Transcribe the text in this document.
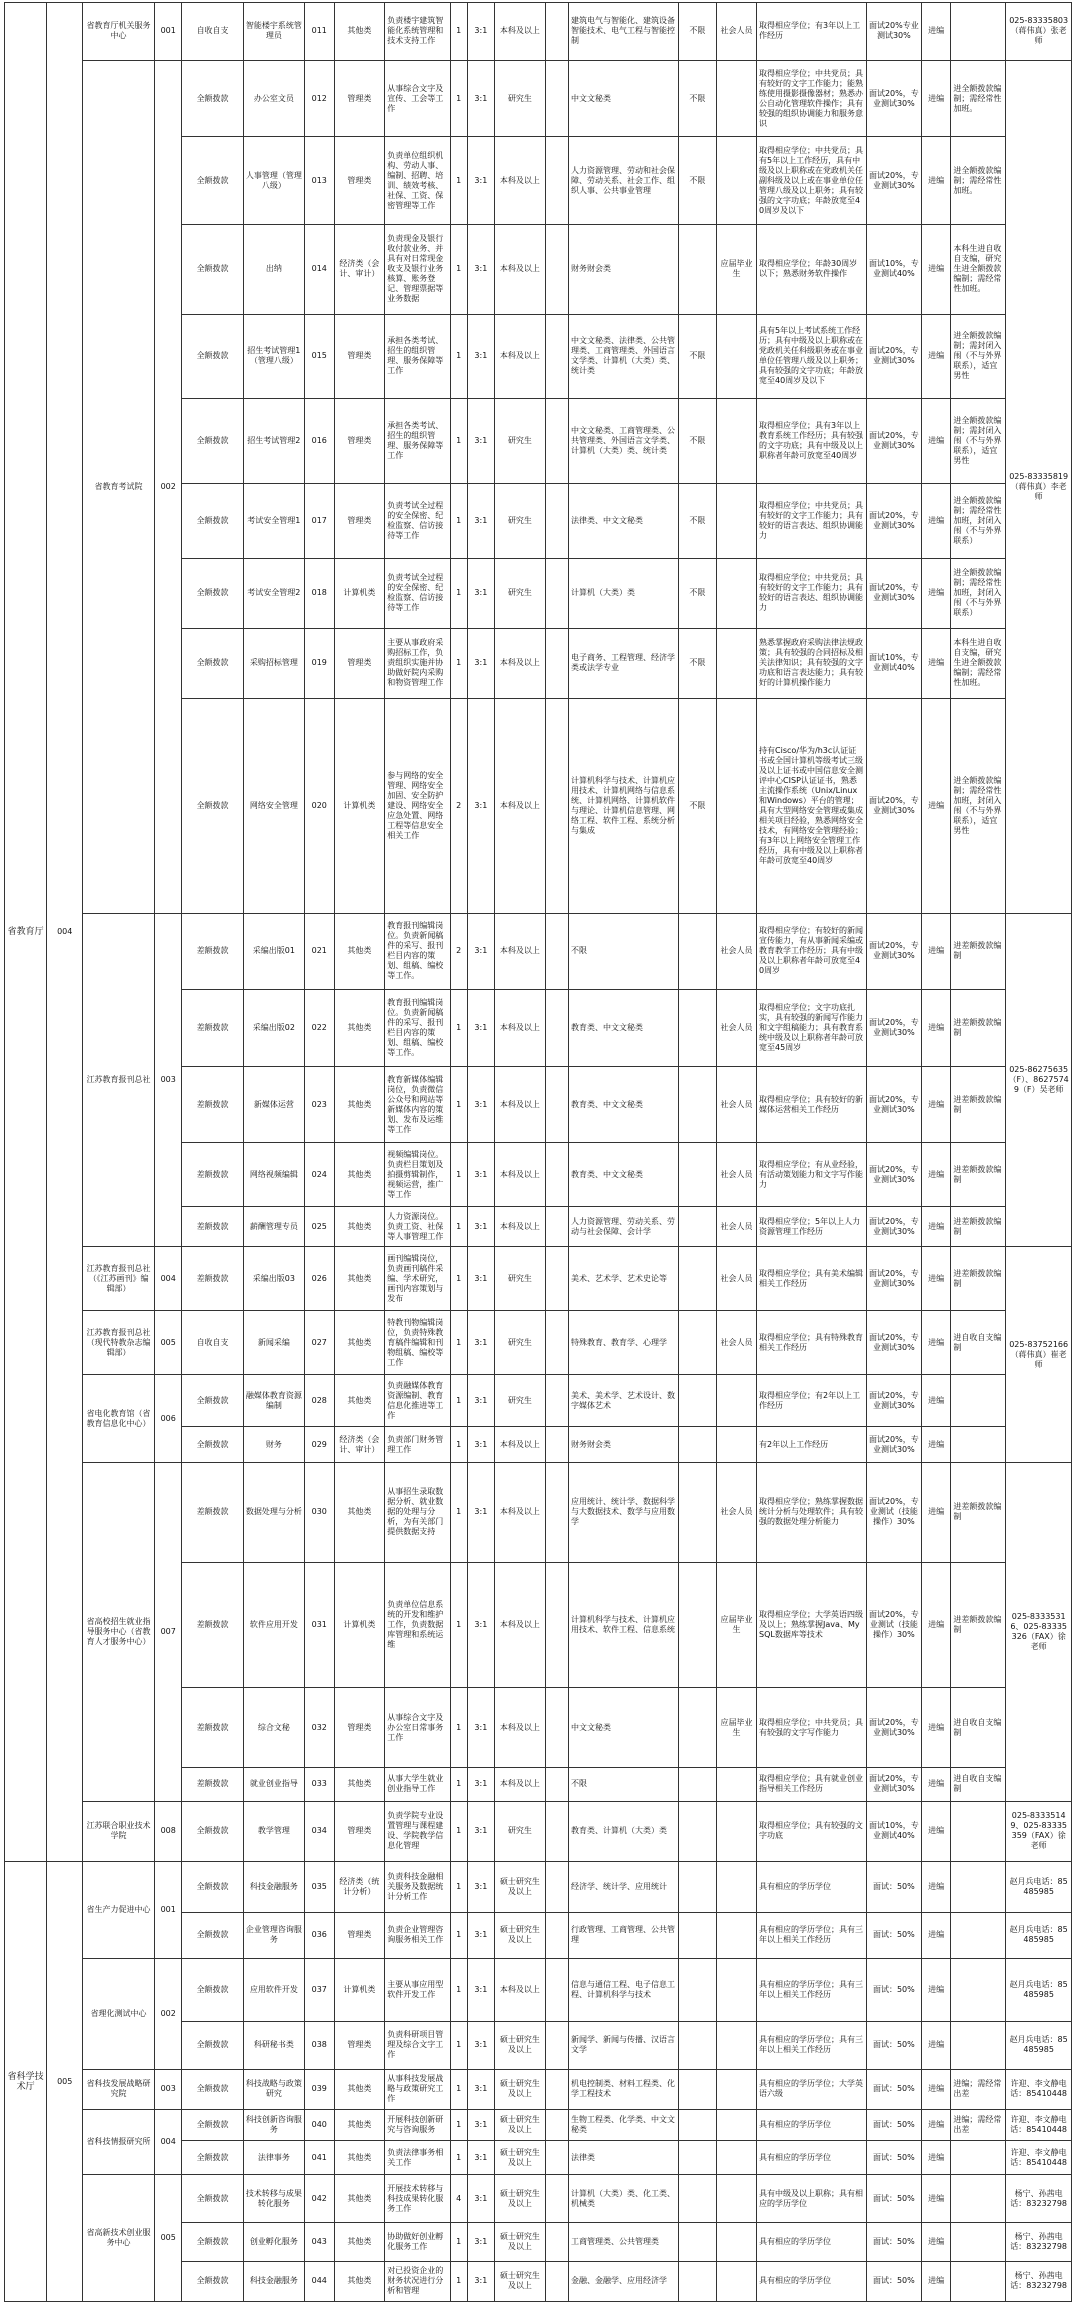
省教育厅	004	省教育厅机关服务中心	001	自收自支	智能楼宇系统管理员	011	其他类	负责楼宇建筑智能化系统管理和技术支持工作	1	3:1	本科及以上		建筑电气与智能化、建筑设备智能技术、电气工程与智能控制	不限	社会人员	取得相应学位；有3年以上工作经历	面试20%专业测试30%	进编		025-83335803（蒋伟真）张老师
		省教育考试院	002	全额拨款	办公室文员	012	管理类	从事综合文字及宣传、工会等工作	1	3:1	研究生		中文文秘类	不限		取得相应学位；中共党员；具有较好的文字工作能力；能熟练使用摄影摄像器材；熟悉办公自动化管理软件操作；具有较强的组织协调能力和服务意识	面试20%，专业测试30%	进编	进全额拨款编制；需经常性加班。	025-83335819（蒋伟真）李老师
				全额拨款	人事管理（管理八级）	013	管理类	负责单位组织机构、劳动人事、编制、招聘、培训、绩效考核、社保、工资、保密管理等工作	1	3:1	本科及以上		人力资源管理、劳动和社会保障、劳动关系、社会工作、组织人事、公共事业管理	不限		取得相应学位；中共党员；具有5年以上工作经历，具有中级及以上职称或在党政机关任副科级及以上或在事业单位任管理八级及以上职务；具有较强的文字功底；年龄放宽至40周岁及以下	面试20%，专业测试30%	进编	进全额拨款编制；需经常性加班。	
				全额拨款	出纳	014	经济类（会计、审计）	负责现金及银行收付款业务、并具有对日常现金收支及银行业务核算、账务登记、管理票据等业务数据	1	3:1	本科及以上		财务财会类		应届毕业生	取得相应学位；年龄30周岁以下；熟悉财务软件操作	面试10%，专业测试40%	进编	本科生进自收自支编，研究生进全额拨款编制；需经常性加班。	
				全额拨款	招生考试管理1（管理八级）	015	管理类	承担各类考试、招生的组织管理、服务保障等工作	1	3:1	本科及以上		中文文秘类、法律类、公共管理类、工商管理类、外国语言文学类、计算机（大类）类、统计类	不限		具有5年以上考试系统工作经历；具有中级及以上职称或在党政机关任科级职务或在事业单位任管理八级及以上职务；具有较强的文字功底；年龄放宽至40周岁及以下	面试20%，专业测试30%	进编	进全额拨款编制；需封闭入闱（不与外界联系），适宜男性	
				全额拨款	招生考试管理2	016	管理类	承担各类考试、招生的组织管理、服务保障等工作	1	3:1	研究生		中文文秘类、工商管理类、公共管理类、外国语言文学类、计算机（大类）类、统计类	不限		取得相应学位；具有3年以上教育系统工作经历；具有较强的文字功底；具有中级及以上职称者年龄可放宽至40周岁	面试20%，专业测试30%	进编	进全额拨款编制；需封闭入闱（不与外界联系），适宜男性	
				全额拨款	考试安全管理1	017	管理类	负责考试全过程的安全保密、纪检监察、信访接待等工作	1	3:1	研究生		法律类、中文文秘类	不限		取得相应学位；中共党员；具有较好的文字工作能力；具有较好的语言表达、组织协调能力	面试20%，专业测试30%	进编	进全额拨款编制；需经常性加班，封闭入闱（不与外界联系）	
				全额拨款	考试安全管理2	018	计算机类	负责考试全过程的安全保密、纪检监察、信访接待等工作	1	3:1	研究生		计算机（大类）类	不限		取得相应学位；中共党员；具有较好的文字工作能力；具有较好的语言表达、组织协调能力	面试20%，专业测试30%	进编	进全额拨款编制；需经常性加班，封闭入闱（不与外界联系）	
				全额拨款	采购招标管理	019	管理类	主要从事政府采购招标工作，负责组织实施并协助做好院内采购和物资管理工作	1	3:1	本科及以上		电子商务、工程管理、经济学类或法学专业	不限		熟悉掌握政府采购法律法规政策；具有较强的合同招标及相关法律知识；具有较强的文字功底和语言表达能力；具有较好的计算机操作能力	面试10%，专业测试40%	进编	本科生进自收自支编，研究生进全额拨款编制；需经常性加班。	
				全额拨款	网络安全管理	020	计算机类	参与网络的安全管理、网络安全加固、安全防护建设、网络安全应急处置、网络工程等信息安全相关工作	2	3:1	本科及以上		计算机科学与技术、计算机应用技术、计算机网络与信息系统、计算机网络、计算机软件与理论、计算机信息管理、网络工程、软件工程、系统分析与集成	不限		持有Cisco/华为/h3c认证证书或全国计算机等级考试三级及以上证书或中国信息安全测评中心CISP认证证书，熟悉主流操作系统（Unix/Linux和Windows）平台的管理；具有大型网络安全管理或集成相关项目经验，熟悉网络安全技术，有网络安全管理经验；有3年以上网络安全管理工作经历，具有中级及以上职称者年龄可放宽至40周岁	面试20%，专业测试30%	进编	进全额拨款编制；需经常性加班，封闭入闱（不与外界联系），适宜男性	
		江苏教育报刊总社	003	差额拨款	采编出版01	021	其他类	教育报刊编辑岗位。负责新闻稿件的采写、报刊栏目内容的策划、组稿、编校等工作。	2	3:1	本科及以上		不限		社会人员	取得相应学位；有较好的新闻宣传能力，有从事新闻采编或教育教学工作经历；具有中级及以上职称者年龄可放宽至40周岁	面试20%，专业测试30%	进编	进差额拨款编制	025-86275635（F）、86275749（F）吴老师
				差额拨款	采编出版02	022	其他类	教育报刊编辑岗位。负责新闻稿件的采写、报刊栏目内容的策划、组稿、编校等工作。	1	3:1	本科及以上		教育类、中文文秘类		社会人员	取得相应学位；文字功底扎实，具有较强的新闻写作能力和文字组稿能力；具有教育系统中级及以上职称者年龄可放宽至45周岁	面试20%，专业测试30%	进编	进差额拨款编制	
				差额拨款	新媒体运营	023	其他类	教育新媒体编辑岗位，负责微信公众号和网站等新媒体内容的策划、发布及运维等工作	1	3:1	本科及以上		教育类、中文文秘类		社会人员	取得相应学位；具有较好的新媒体运营相关工作经历	面试20%，专业测试30%	进编	进差额拨款编制	
				差额拨款	网络视频编辑	024	其他类	视频编辑岗位。负责栏目策划及拍摄剪辑制作，视频运营，推广等工作	1	3:1	本科及以上		教育类、中文文秘类		社会人员	取得相应学位；有从业经验，有活动策划能力和文字写作能力	面试20%，专业测试30%	进编	进差额拨款编制	
				差额拨款	薪酬管理专员	025	其他类	人力资源岗位。负责工资、社保等人事管理工作	1	3:1	本科及以上		人力资源管理、劳动关系、劳动与社会保障、会计学		社会人员	取得相应学位；5年以上人力资源管理工作经历	面试20%，专业测试30%	进编	进差额拨款编制	
		江苏教育报刊总社（《江苏画刊》编辑部）	004	差额拨款	采编出版03	026	其他类	画刊编辑岗位，负责画刊稿件采编、学术研究，画刊内容策划与发布	1	3:1	研究生		美术、艺术学、艺术史论等		社会人员	取得相应学位；具有美术编辑相关工作经历	面试20%，专业测试30%	进编	进差额拨款编制	025-83752166（蒋伟真）崔老师
		江苏教育报刊总社（现代特教杂志编辑部）	005	自收自支	新闻采编	027	其他类	特教刊物编辑岗位，负责特殊教育稿件编辑和刊物组稿、编校等工作	1	3:1	研究生		特殊教育、教育学、心理学		社会人员	取得相应学位；具有特殊教育相关工作经历	面试20%，专业测试30%	进编	进自收自支编制	
		省电化教育馆（省教育信息化中心）	006	全额拨款	融媒体教育资源编制	028	其他类	负责融媒体教育资源编制、教育信息化推进等工作	1	3:1	研究生		美术、美术学、艺术设计、数字媒体艺术			取得相应学位；有2年以上工作经历	面试20%，专业测试30%	进编		
				全额拨款	财务	029	经济类（会计、审计）	负责部门财务管理工作	1	3:1	本科及以上		财务财会类			有2年以上工作经历	面试20%，专业测试30%	进编		
		省高校招生就业指导服务中心（省教育人才服务中心）	007	差额拨款	数据处理与分析	030	其他类	从事招生录取数据分析、就业数据的处理与分析，为有关部门提供数据支持	1	3:1	本科及以上		应用统计、统计学、数据科学与大数据技术、数学与应用数学		社会人员	取得相应学位；熟练掌握数据统计分析与处理软件；具有较强的数据处理分析能力	面试20%，专业测试（技能操作）30%	进编	进差额拨款编制	025-83335316、025-83335326（FAX）徐老师
				差额拨款	软件应用开发	031	计算机类	负责单位信息系统的开发和维护工作，负责数据库管理和系统运维	1	3:1	本科及以上		计算机科学与技术、计算机应用技术、软件工程、信息系统		应届毕业生	取得相应学位；大学英语四级及以上；熟练掌握Java、MySQL数据库等技术	面试20%，专业测试（技能操作）30%	进编	进差额拨款编制	
				差额拨款	综合文秘	032	管理类	从事综合文字及办公室日常事务工作	1	3:1	本科及以上		中文文秘类		应届毕业生	取得相应学位；中共党员；具有较强的文字写作能力	面试20%，专业测试30%	进编	进自收自支编制	
				差额拨款	就业创业指导	033	其他类	从事大学生就业创业指导工作	1	3:1	本科及以上		不限			取得相应学位；具有就业创业指导相关工作经历	面试20%，专业测试30%	进编	进自收自支编制	
		江苏联合职业技术学院	008	全额拨款	教学管理	034	管理类	负责学院专业设置管理与课程建设、学院教学信息化管理	1	3:1	研究生		教育类、计算机（大类）类			取得相应学位；具有较强的文字功底	面试10%，专业测试40%	进编		025-83335149、025-83335359（FAX）徐老师
省科学技术厅	005	省生产力促进中心	001	全额拨款	科技金融服务	035	经济类（统计分析）	负责科技金融相关服务及数据统计分析工作	1	3:1	硕士研究生及以上		经济学、统计学、应用统计			具有相应的学历学位	面试：50%	进编		赵月兵电话：85485985
				全额拨款	企业管理咨询服务	036	管理类	负责企业管理咨询服务相关工作	1	3:1	硕士研究生及以上		行政管理、工商管理、公共管理			具有相应的学历学位；具有三年以上相关工作经历	面试：50%	进编		赵月兵电话：85485985
		省理化测试中心	002	全额拨款	应用软件开发	037	计算机类	主要从事应用型软件开发工作	1	3:1	本科及以上		信息与通信工程、电子信息工程、计算机科学与技术			具有相应的学历学位；具有三年以上相关工作经历	面试：50%	进编		赵月兵电话：85485985
				全额拨款	科研秘书类	038	管理类	负责科研项目管理及综合文字工作	1	3:1	硕士研究生及以上		新闻学、新闻与传播、汉语言文学			具有相应的学历学位；具有三年以上相关工作经历	面试：50%	进编		赵月兵电话：85485985
		省科技发展战略研究院	003	全额拨款	科技战略与政策研究	039	其他类	从事科技发展战略与政策研究工作	1	3:1	硕士研究生及以上		机电控制类、材料工程类、化学工程技术			具有相应的学历学位；大学英语六级	面试：50%	进编	进编；需经常出差	许迎、李文静电话：85410448
		省科技情报研究所	004	全额拨款	科技创新咨询服务	040	其他类	开展科技创新研究与咨询服务	1	3:1	硕士研究生及以上		生物工程类、化学类、中文文秘类			具有相应的学历学位	面试：50%	进编	进编；需经常出差	许迎、李文静电话：85410448
				全额拨款	法律事务	041	其他类	负责法律事务相关工作	1	3:1	硕士研究生及以上		法律类			具有相应的学历学位	面试：50%	进编		许迎、李文静电话：85410448
		省高新技术创业服务中心	005	全额拨款	技术转移与成果转化服务	042	其他类	开展技术转移与科技成果转化服务工作	4	3:1	硕士研究生及以上		计算机（大类）类、化工类、机械类			具有中级及以上职称；具有相应的学历学位	面试：50%	进编		杨宁、孙茜电话：83232798
				全额拨款	创业孵化服务	043	其他类	协助做好创业孵化服务工作	1	3:1	硕士研究生及以上		工商管理类、公共管理类			具有相应的学历学位	面试：50%	进编		杨宁、孙茜电话：83232798
				全额拨款	科技金融服务	044	其他类	对已投资企业的财务状况进行分析和管理	1	3:1	硕士研究生及以上		金融、金融学、应用经济学			具有相应的学历学位	面试：50%	进编		杨宁、孙茜电话：83232798
